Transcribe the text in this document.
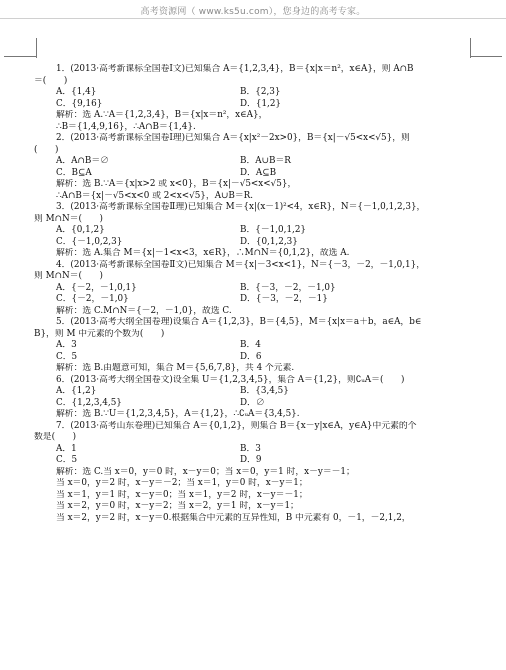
高考资源网（ www.ks5u.com），您身边的高考专家。
1．(2013·高考新课标全国卷Ⅰ文)已知集合 A＝{1,2,3,4}，B＝{x|x＝n²，x∈A}，则 A∩B
＝(　　)
A．{1,4}	B．{2,3}
C．{9,16}	D．{1,2}
解析：选 A.∵A＝{1,2,3,4}，B＝{x|x＝n²，x∈A}，
∴B＝{1,4,9,16}，∴A∩B＝{1,4}.
2．(2013·高考新课标全国卷Ⅰ理)已知集合 A＝{x|x²－2x>0}，B＝{x|－√5<x<√5}，则
(　　)
A．A∩B＝∅	B．A∪B＝R
C．B⊆A	D．A⊆B
解析：选 B.∵A＝{x|x>2 或 x<0}，B＝{x|－√5<x<√5}，
∴A∩B＝{x|－√5<x<0 或 2<x<√5}，A∪B＝R.
3．(2013·高考新课标全国卷Ⅱ理)已知集合 M＝{x|(x－1)²<4，x∈R}，N＝{－1,0,1,2,3}，
则 M∩N＝(　　)
A．{0,1,2}	B．{－1,0,1,2}
C．{－1,0,2,3}	D．{0,1,2,3}
解析：选 A.集合 M＝{x|－1<x<3，x∈R}，∴M∩N＝{0,1,2}，故选 A.
4．(2013·高考新课标全国卷Ⅱ文)已知集合 M＝{x|－3<x<1}，N＝{－3，－2，－1,0,1}，
则 M∩N＝(　　)
A．{－2，－1,0,1}	B．{－3，－2，－1,0}
C．{－2，－1,0}	D．{－3，－2，－1}
解析：选 C.M∩N＝{－2，－1,0}，故选 C.
5．(2013·高考大纲全国卷理)设集合 A＝{1,2,3}，B＝{4,5}，M＝{x|x＝a＋b，a∈A，b∈
B}，则 M 中元素的个数为(　　)
A．3	B．4
C．5	D．6
解析：选 B.由题意可知，集合 M＝{5,6,7,8}，共 4 个元素.
6．(2013·高考大纲全国卷文)设全集 U＝{1,2,3,4,5}，集合 A＝{1,2}，则∁ᵤA＝(　　)
A．{1,2}	B．{3,4,5}
C．{1,2,3,4,5}	D．∅
解析：选 B.∵U＝{1,2,3,4,5}，A＝{1,2}，∴∁ᵤA＝{3,4,5}.
7．(2013·高考山东卷理)已知集合 A＝{0,1,2}，则集合 B＝{x－y|x∈A，y∈A}中元素的个
数是(　　)
A．1	B．3
C．5	D．9
解析：选 C.当 x＝0，y＝0 时，x－y＝0；当 x＝0，y＝1 时，x－y＝－1；
当 x＝0，y＝2 时，x－y＝－2；当 x＝1，y＝0 时，x－y＝1；
当 x＝1，y＝1 时，x－y＝0；当 x＝1，y＝2 时，x－y＝－1；
当 x＝2，y＝0 时，x－y＝2；当 x＝2，y＝1 时，x－y＝1；
当 x＝2，y＝2 时，x－y＝0.根据集合中元素的互异性知，B 中元素有 0，－1，－2,1,2，
